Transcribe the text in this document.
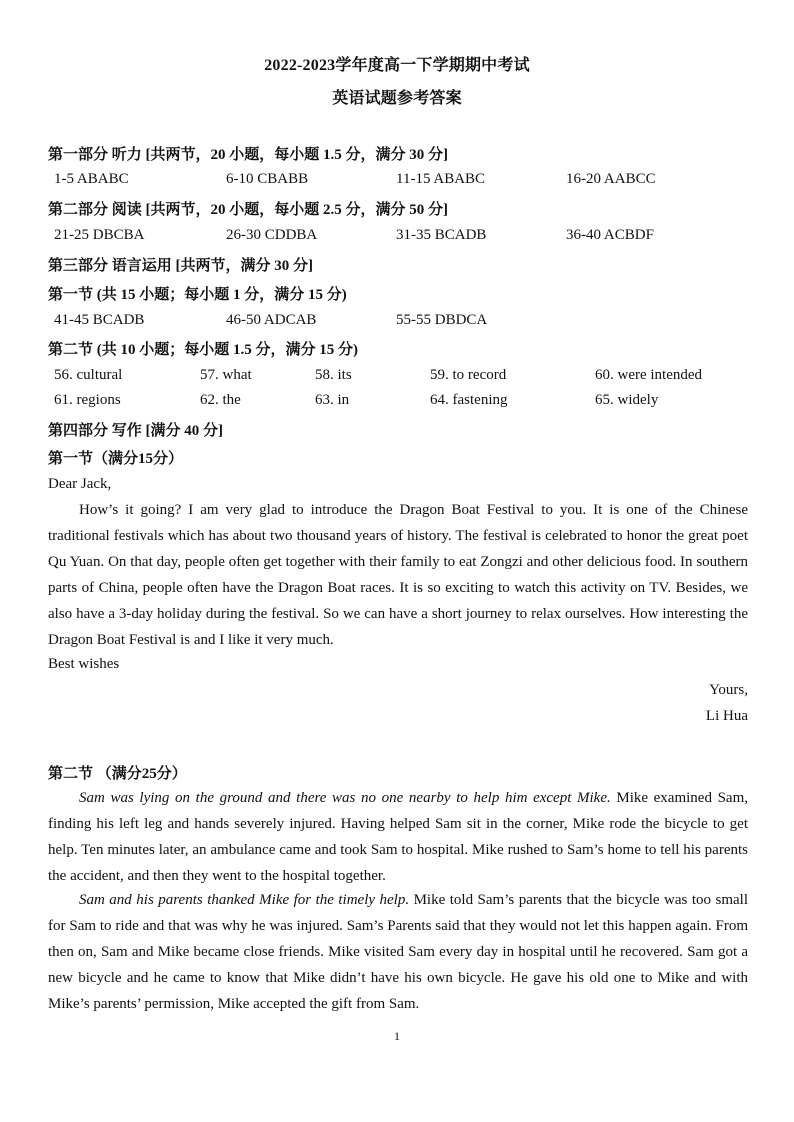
2022-2023学年度高一下学期期中考试
英语试题参考答案
第一部分 听力 [共两节，20 小题，每小题 1.5 分，满分 30 分]
1-5 ABABC	6-10 CBABB	11-15 ABABC	16-20 AABCC
第二部分 阅读 [共两节，20 小题，每小题 2.5 分，满分 50 分]
21-25 DBCBA	26-30 CDDBA	31-35 BCADB	36-40 ACBDF
第三部分 语言运用 [共两节，满分 30 分]
第一节 (共 15 小题；每小题 1 分，满分 15 分)
41-45 BCADB	46-50 ADCAB	55-55 DBDCA
第二节 (共 10 小题；每小题 1.5 分，满分 15 分)
56. cultural	57. what	58. its	59. to record	60. were intended
61. regions	62. the	63. in	64. fastening	65. widely
第四部分 写作 [满分 40 分]
第一节（满分15分）
Dear Jack,

How’s it going? I am very glad to introduce the Dragon Boat Festival to you. It is one of the Chinese traditional festivals which has about two thousand years of history. The festival is celebrated to honor the great poet Qu Yuan. On that day, people often get together with their family to eat Zongzi and other delicious food. In southern parts of China, people often have the Dragon Boat races. It is so exciting to watch this activity on TV. Besides, we also have a 3-day holiday during the festival. So we can have a short journey to relax ourselves. How interesting the Dragon Boat Festival is and I like it very much.

Best wishes
Yours,
Li Hua
第二节 （满分25分）

Sam was lying on the ground and there was no one nearby to help him except Mike. Mike examined Sam, finding his left leg and hands severely injured. Having helped Sam sit in the corner, Mike rode the bicycle to get help. Ten minutes later, an ambulance came and took Sam to hospital. Mike rushed to Sam’s home to tell his parents the accident, and then they went to the hospital together.

Sam and his parents thanked Mike for the timely help. Mike told Sam’s parents that the bicycle was too small for Sam to ride and that was why he was injured. Sam’s Parents said that they would not let this happen again. From then on, Sam and Mike became close friends. Mike visited Sam every day in hospital until he recovered. Sam got a new bicycle and he came to know that Mike didn’t have his own bicycle. He gave his old one to Mike and with Mike’s parents’ permission, Mike accepted the gift from Sam.

1
